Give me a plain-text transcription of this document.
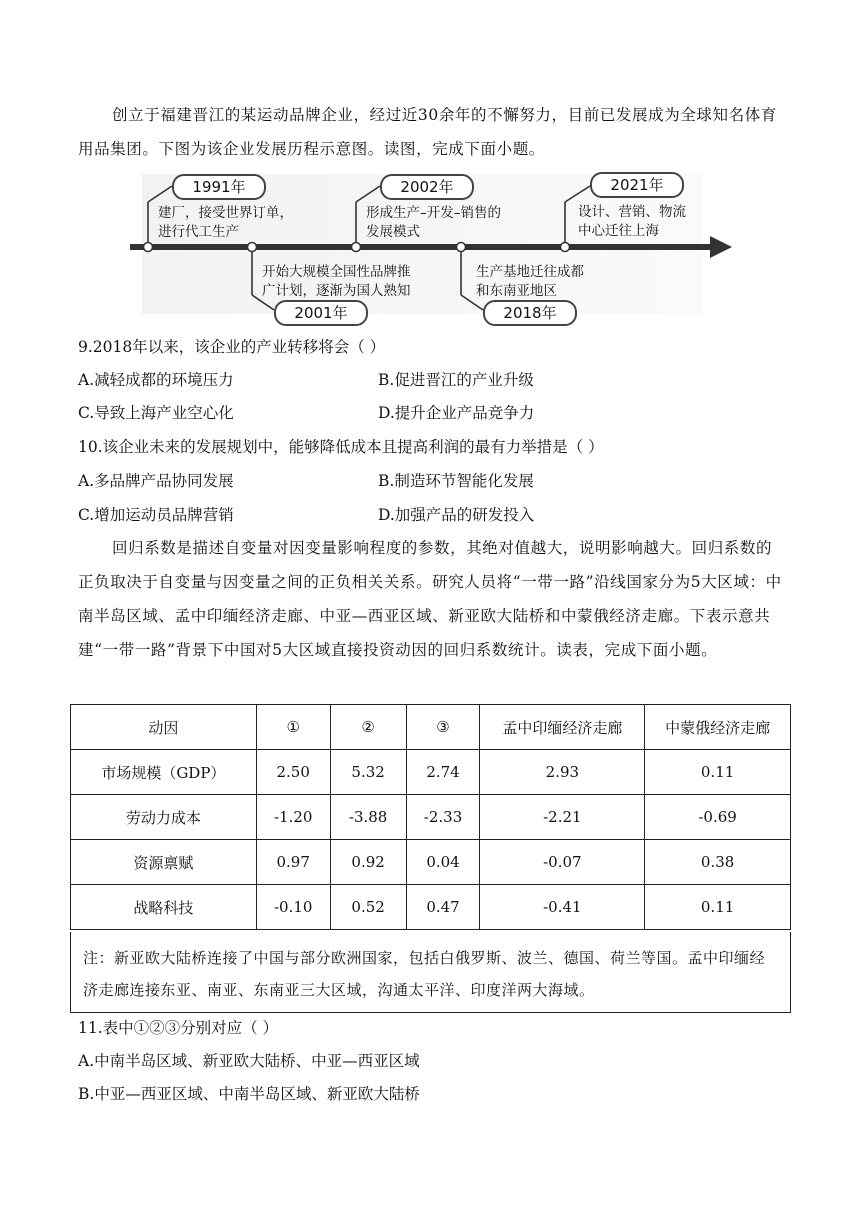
创立于福建晋江的某运动品牌企业，经过近30余年的不懈努力，目前已发展成为全球知名体育用品集团。下图为该企业发展历程示意图。读图，完成下面小题。
1991年
建厂，接受世界订单，
进行代工生产
2001年
开始大规模全国性品牌推
广计划，逐渐为国人熟知
2002年
形成生产–开发–销售的
发展模式
2018年
生产基地迁往成都
和东南亚地区
2021年
设计、营销、物流
中心迁往上海
9.2018年以来，该企业的产业转移将会（ ）
A.减轻成都的环境压力	B.促进晋江的产业升级
C.导致上海产业空心化	D.提升企业产品竞争力
10.该企业未来的发展规划中，能够降低成本且提高利润的最有力举措是（ ）
A.多品牌产品协同发展	B.制造环节智能化发展
C.增加运动员品牌营销	D.加强产品的研发投入
回归系数是描述自变量对因变量影响程度的参数，其绝对值越大，说明影响越大。回归系数的正负取决于自变量与因变量之间的正负相关关系。研究人员将“一带一路”沿线国家分为5大区域：中南半岛区域、孟中印缅经济走廊、中亚—西亚区域、新亚欧大陆桥和中蒙俄经济走廊。下表示意共建“一带一路”背景下中国对5大区域直接投资动因的回归系数统计。读表，完成下面小题。
动因	①	②	③	孟中印缅经济走廊	中蒙俄经济走廊
市场规模（GDP）	2.50	5.32	2.74	2.93	0.11
劳动力成本	-1.20	-3.88	-2.33	-2.21	-0.69
资源禀赋	0.97	0.92	0.04	-0.07	0.38
战略科技	-0.10	0.52	0.47	-0.41	0.11
注：新亚欧大陆桥连接了中国与部分欧洲国家，包括白俄罗斯、波兰、德国、荷兰等国。孟中印缅经济走廊连接东亚、南亚、东南亚三大区域，沟通太平洋、印度洋两大海域。
11.表中①②③分别对应（ ）
A.中南半岛区域、新亚欧大陆桥、中亚—西亚区域
B.中亚—西亚区域、中南半岛区域、新亚欧大陆桥
